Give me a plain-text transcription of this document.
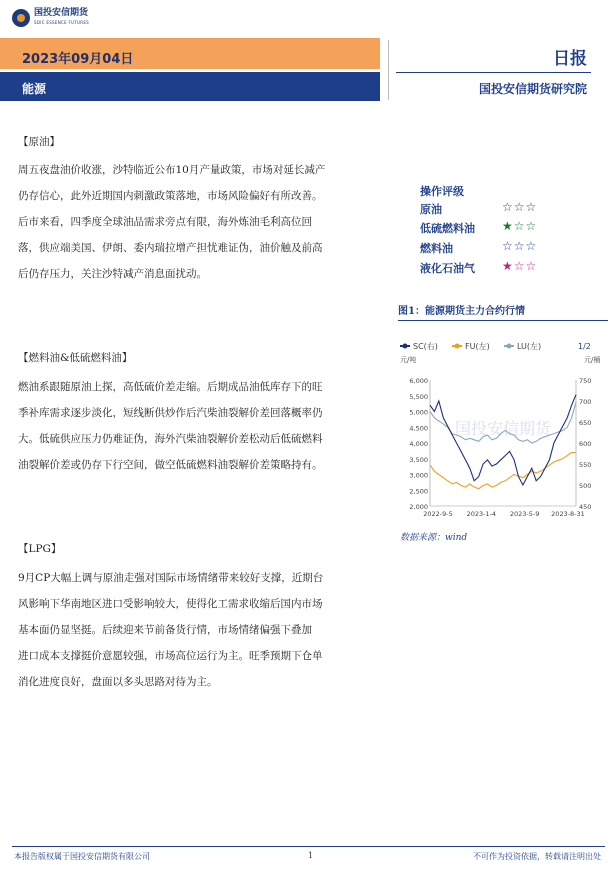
国投安信期货
SDIC ESSENCE FUTURES
2023年09月04日
能源
日报
国投安信期货研究院
【原油】
周五夜盘油价收涨，沙特临近公布10月产量政策，市场对延长减产
仍存信心，此外近期国内刺激政策落地，市场风险偏好有所改善。
后市来看，四季度全球油品需求旁点有限，海外炼油毛利高位回
落，供应端美国、伊朗、委内瑞拉增产担忧难证伪，油价触及前高
后仍存压力，关注沙特减产消息面扰动。
【燃料油&低硫燃料油】
燃油系跟随原油上探，高低硫价差走缩。后期成品油低库存下的旺
季补库需求逐步淡化，短线断供炒作后汽柴油裂解价差回落概率仍
大。低硫供应压力仍难证伪，海外汽柴油裂解价差松动后低硫燃料
油裂解价差或仍存下行空间，做空低硫燃料油裂解价差策略持有。
【LPG】
9月CP大幅上调与原油走强对国际市场情绪带来较好支撑，近期台
风影响下华南地区进口受影响较大，使得化工需求收缩后国内市场
基本面仍显坚挺。后续迎来节前备货行情，市场情绪偏强下叠加
进口成本支撑挺价意愿较强，市场高位运行为主。旺季预期下仓单
消化进度良好，盘面以多头思路对待为主。
操作评级
原油	☆☆☆
低硫燃料油 ★☆☆
燃料油	☆☆☆
液化石油气 ★☆☆
图1：能源期货主力合约行情
SC(右)	FU(左)	LU(左)	1/2
元/吨	元/桶
6,000
5,500
5,000
4,500
4,000
3,500
3,000
2,500
2,000
750
700
650
600
550
500
450
2022-9-5 2023-1-4 2023-5-9 2023-8-31
国投安信期货
数据来源：wind
本报告版权属于国投安信期货有限公司	1	不可作为投资依据，转载请注明出处
